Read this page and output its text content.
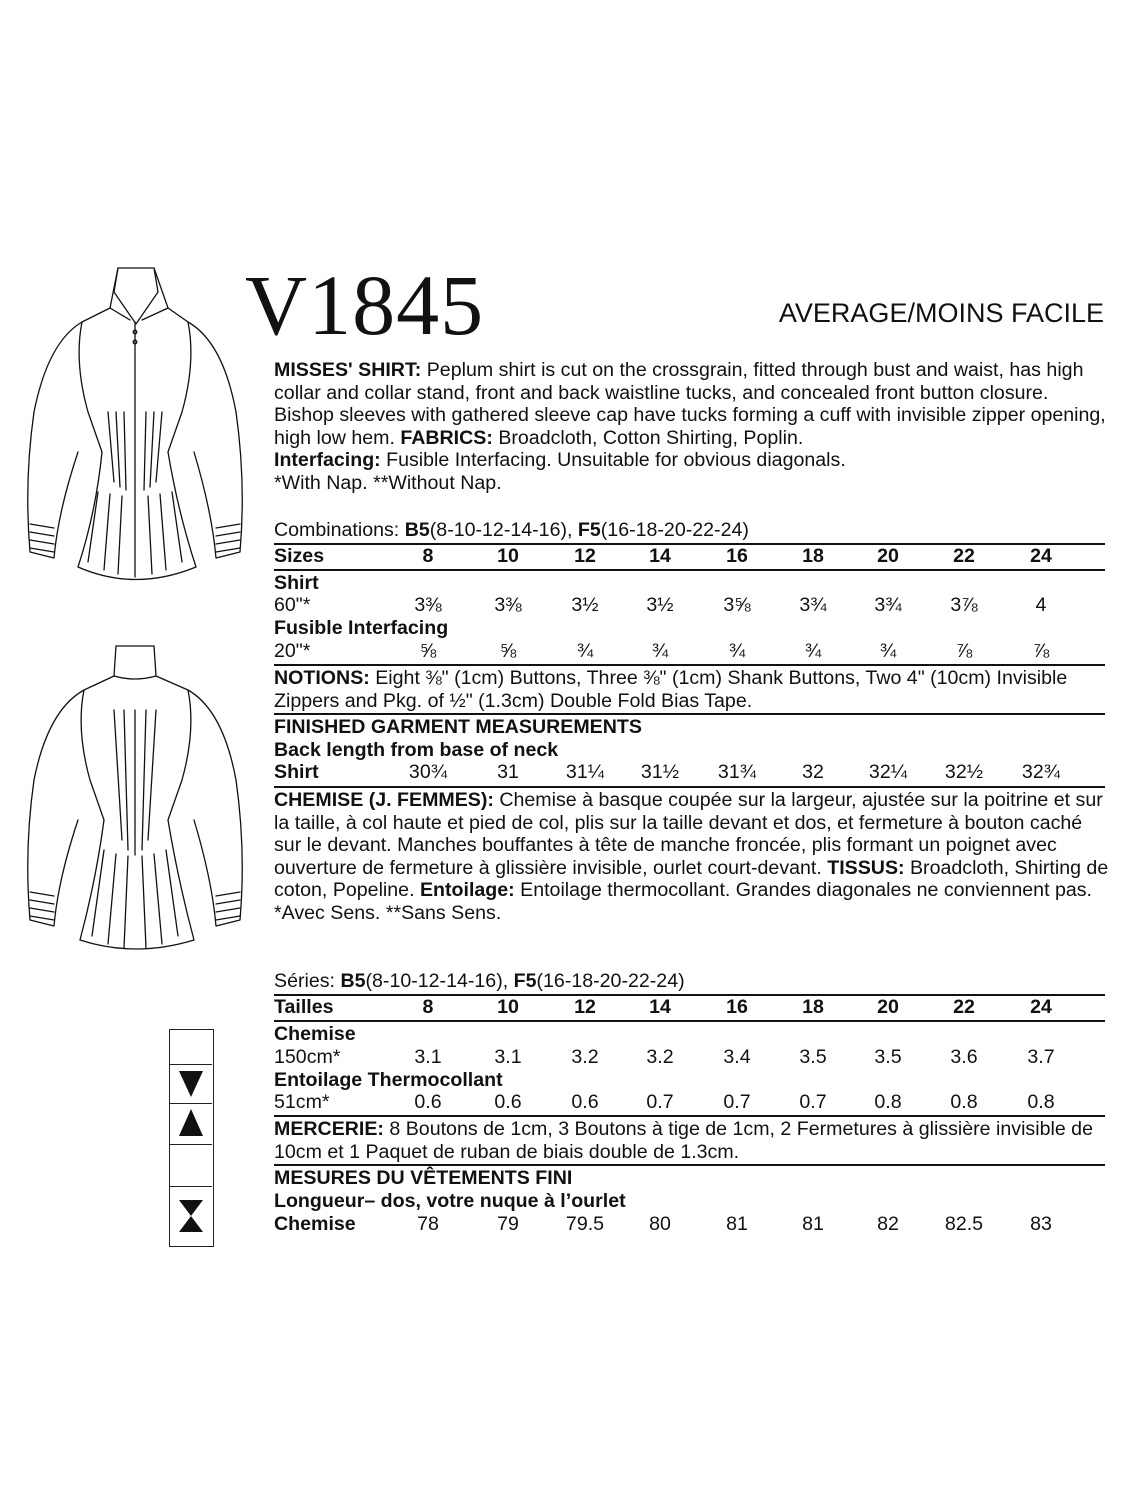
V1845	AVERAGE/MOINS FACILE

MISSES' SHIRT: Peplum shirt is cut on the crossgrain, fitted through bust and waist, has high collar and collar stand, front and back waistline tucks, and concealed front button closure. Bishop sleeves with gathered sleeve cap have tucks forming a cuff with invisible zipper opening, high low hem. FABRICS: Broadcloth, Cotton Shirting, Poplin.
Interfacing: Fusible Interfacing. Unsuitable for obvious diagonals.
*With Nap. **Without Nap.

Combinations: B5(8-10-12-14-16), F5(16-18-20-22-24)
Sizes	8	10	12	14	16	18	20	22	24
Shirt
60"*	3⅜	3⅜	3½	3½	3⅝	3¾	3¾	3⅞	4
Fusible Interfacing
20"*	⅝	⅝	¾	¾	¾	¾	¾	⅞	⅞

NOTIONS: Eight ⅜" (1cm) Buttons, Three ⅜" (1cm) Shank Buttons, Two 4" (10cm) Invisible Zippers and Pkg. of ½" (1.3cm) Double Fold Bias Tape.

FINISHED GARMENT MEASUREMENTS
Back length from base of neck
Shirt	30¾	31	31¼	31½	31¾	32	32¼	32½	32¾

CHEMISE (J. FEMMES): Chemise à basque coupée sur la largeur, ajustée sur la poitrine et sur la taille, à col haute et pied de col, plis sur la taille devant et dos, et fermeture à bouton caché sur le devant. Manches bouffantes à tête de manche froncée, plis formant un poignet avec ouverture de fermeture à glissière invisible, ourlet court-devant. TISSUS: Broadcloth, Shirting de coton, Popeline. Entoilage: Entoilage thermocollant. Grandes diagonales ne conviennent pas.
*Avec Sens. **Sans Sens.

Séries: B5(8-10-12-14-16), F5(16-18-20-22-24)
Tailles	8	10	12	14	16	18	20	22	24
Chemise
150cm*	3.1	3.1	3.2	3.2	3.4	3.5	3.5	3.6	3.7
Entoilage Thermocollant
51cm*	0.6	0.6	0.6	0.7	0.7	0.7	0.8	0.8	0.8

MERCERIE: 8 Boutons de 1cm, 3 Boutons à tige de 1cm, 2 Fermetures à glissière invisible de 10cm et 1 Paquet de ruban de biais double de 1.3cm.

MESURES DU VÊTEMENTS FINI
Longueur– dos, votre nuque à l’ourlet
Chemise	78	79	79.5	80	81	81	82	82.5	83
